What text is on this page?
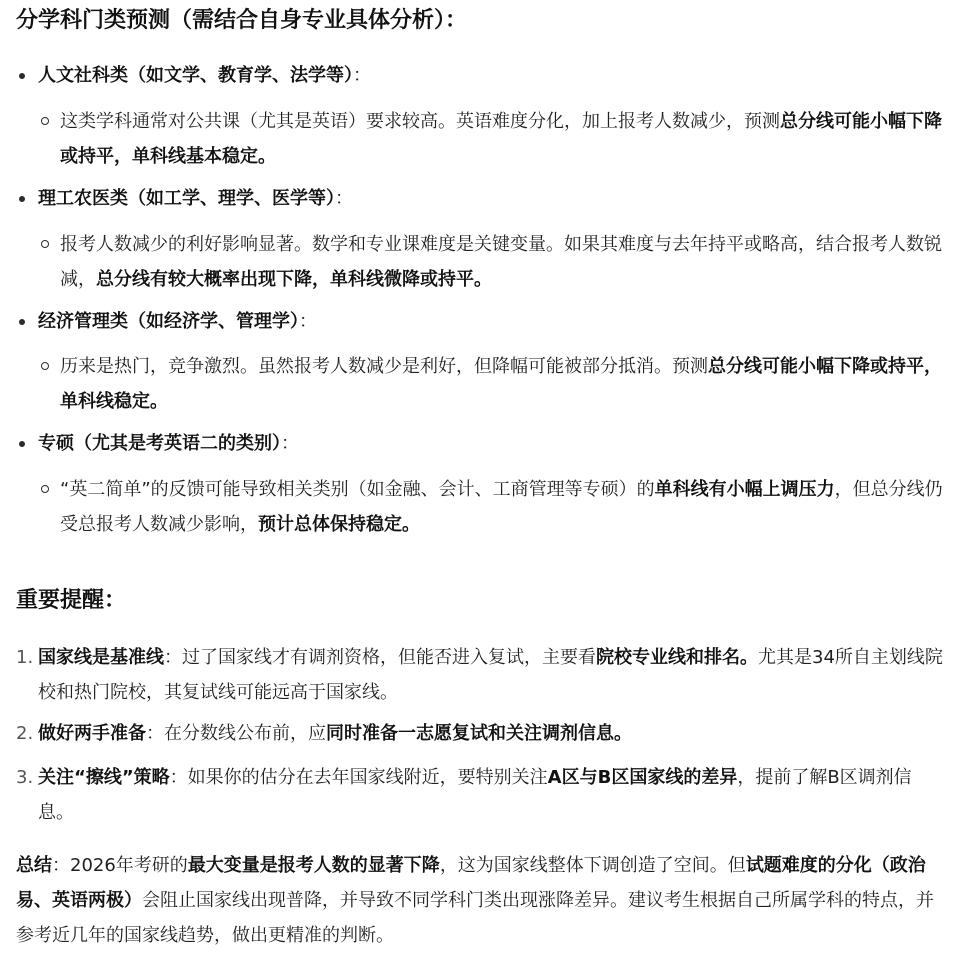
分学科门类预测（需结合自身专业具体分析）：
人文社科类（如文学、教育学、法学等）：
这类学科通常对公共课（尤其是英语）要求较高。英语难度分化，加上报考人数减少，预测总分线可能小幅下降或持平，单科线基本稳定。
理工农医类（如工学、理学、医学等）：
报考人数减少的利好影响显著。数学和专业课难度是关键变量。如果其难度与去年持平或略高，结合报考人数锐减，总分线有较大概率出现下降，单科线微降或持平。
经济管理类（如经济学、管理学）：
历来是热门，竞争激烈。虽然报考人数减少是利好，但降幅可能被部分抵消。预测总分线可能小幅下降或持平，单科线稳定。
专硕（尤其是考英语二的类别）：
“英二简单”的反馈可能导致相关类别（如金融、会计、工商管理等专硕）的单科线有小幅上调压力，但总分线仍受总报考人数减少影响，预计总体保持稳定。
重要提醒：
1. 国家线是基准线：过了国家线才有调剂资格，但能否进入复试，主要看院校专业线和排名。尤其是34所自主划线院校和热门院校，其复试线可能远高于国家线。
2. 做好两手准备：在分数线公布前，应同时准备一志愿复试和关注调剂信息。
3. 关注“擦线”策略：如果你的估分在去年国家线附近，要特别关注A区与B区国家线的差异，提前了解B区调剂信息。
总结：2026年考研的最大变量是报考人数的显著下降，这为国家线整体下调创造了空间。但试题难度的分化（政治易、英语两极）会阻止国家线出现普降，并导致不同学科门类出现涨降差异。建议考生根据自己所属学科的特点，并参考近几年的国家线趋势，做出更精准的判断。
